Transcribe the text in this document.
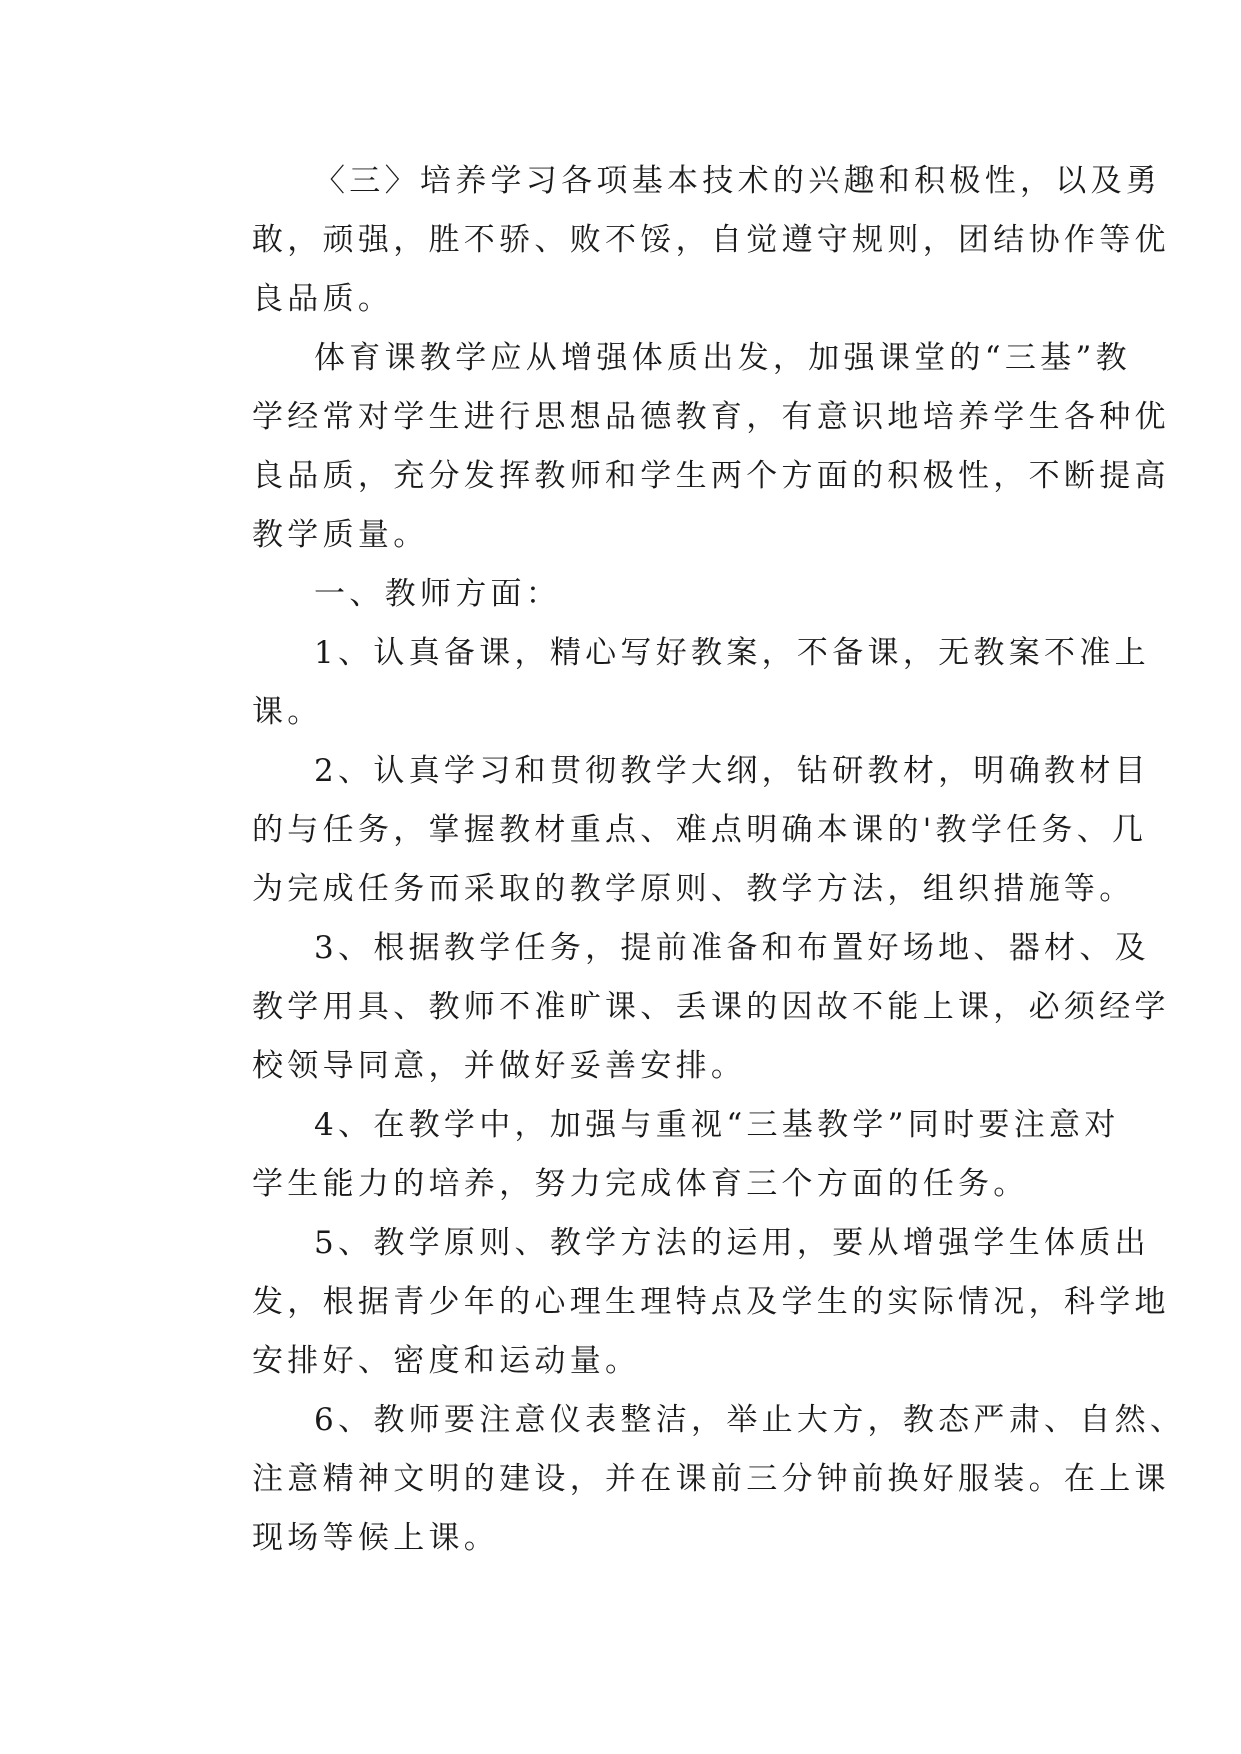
〈三〉培养学习各项基本技术的兴趣和积极性，以及勇
敢，顽强，胜不骄、败不馁，自觉遵守规则，团结协作等优
良品质。
体育课教学应从增强体质出发，加强课堂的“三基”教
学经常对学生进行思想品德教育，有意识地培养学生各种优
良品质，充分发挥教师和学生两个方面的积极性，不断提高
教学质量。
一、教师方面：
1、认真备课，精心写好教案，不备课，无教案不准上
课。
2、认真学习和贯彻教学大纲，钻研教材，明确教材目
的与任务，掌握教材重点、难点明确本课的'教学任务、几
为完成任务而采取的教学原则、教学方法，组织措施等。
3、根据教学任务，提前准备和布置好场地、器材、及
教学用具、教师不准旷课、丢课的因故不能上课，必须经学
校领导同意，并做好妥善安排。
4、在教学中，加强与重视“三基教学”同时要注意对
学生能力的培养，努力完成体育三个方面的任务。
5、教学原则、教学方法的运用，要从增强学生体质出
发，根据青少年的心理生理特点及学生的实际情况，科学地
安排好、密度和运动量。
6、教师要注意仪表整洁，举止大方，教态严肃、自然、
注意精神文明的建设，并在课前三分钟前换好服装。在上课
现场等候上课。
